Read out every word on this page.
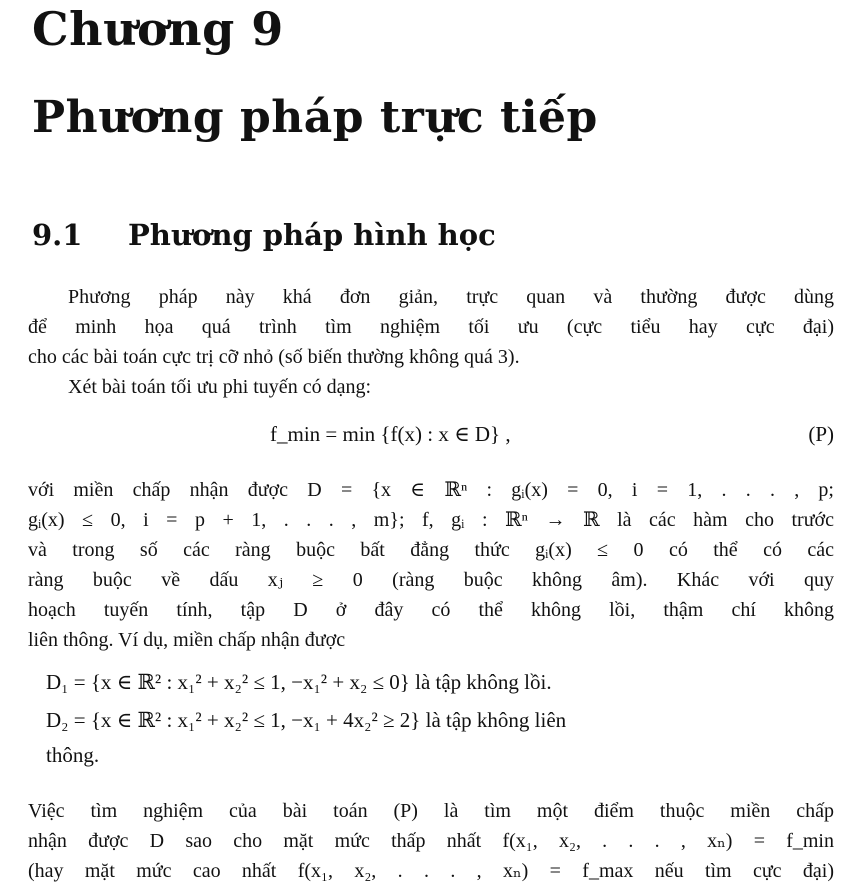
Chương 9
Phương pháp trực tiếp
9.1 Phương pháp hình học
Phương pháp này khá đơn giản, trực quan và thường được dùng
để minh họa quá trình tìm nghiệm tối ưu (cực tiểu hay cực đại)
cho các bài toán cực trị cỡ nhỏ (số biến thường không quá 3).
Xét bài toán tối ưu phi tuyến có dạng:
f_min = min {f(x) : x ∈ D} ,	(P)
với miền chấp nhận được D = {x ∈ ℝⁿ : gᵢ(x) = 0, i = 1, . . . , p;
gᵢ(x) ≤ 0, i = p + 1, . . . , m}; f, gᵢ : ℝⁿ → ℝ là các hàm cho trước
và trong số các ràng buộc bất đẳng thức gᵢ(x) ≤ 0 có thể có các
ràng buộc về dấu xⱼ ≥ 0 (ràng buộc không âm). Khác với quy
hoạch tuyến tính, tập D ở đây có thể không lồi, thậm chí không
liên thông. Ví dụ, miền chấp nhận được
D₁ = {x ∈ ℝ² : x₁² + x₂² ≤ 1, −x₁² + x₂ ≤ 0} là tập không lồi.
D₂ = {x ∈ ℝ² : x₁² + x₂² ≤ 1, −x₁ + 4x₂² ≥ 2} là tập không liên
thông.
Việc tìm nghiệm của bài toán (P) là tìm một điểm thuộc miền chấp
nhận được D sao cho mặt mức thấp nhất f(x₁, x₂, . . . , xₙ) = f_min
(hay mặt mức cao nhất f(x₁, x₂, . . . , xₙ) = f_max nếu tìm cực đại)
